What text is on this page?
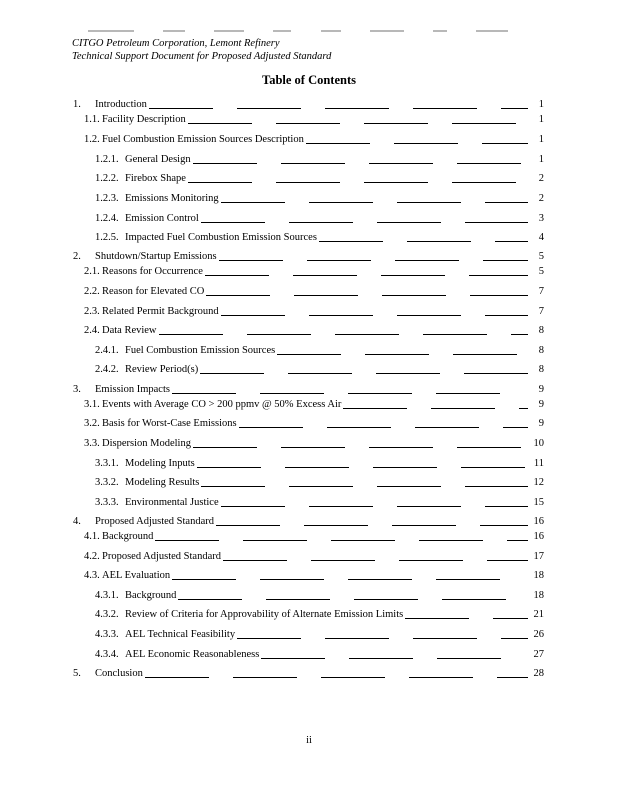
CITGO Petroleum Corporation, Lemont Refinery
Technical Support Document for Proposed Adjusted Standard
Table of Contents
1. Introduction	1
1.1. Facility Description	1
1.2. Fuel Combustion Emission Sources Description	1
1.2.1. General Design	1
1.2.2. Firebox Shape	2
1.2.3. Emissions Monitoring	2
1.2.4. Emission Control	3
1.2.5. Impacted Fuel Combustion Emission Sources	4
2. Shutdown/Startup Emissions	5
2.1. Reasons for Occurrence	5
2.2. Reason for Elevated CO	7
2.3. Related Permit Background	7
2.4. Data Review	8
2.4.1. Fuel Combustion Emission Sources	8
2.4.2. Review Period(s)	8
3. Emission Impacts	9
3.1. Events with Average CO > 200 ppmv @ 50% Excess Air	9
3.2. Basis for Worst-Case Emissions	9
3.3. Dispersion Modeling	10
3.3.1. Modeling Inputs	11
3.3.2. Modeling Results	12
3.3.3. Environmental Justice	15
4. Proposed Adjusted Standard	16
4.1. Background	16
4.2. Proposed Adjusted Standard	17
4.3. AEL Evaluation	18
4.3.1. Background	18
4.3.2. Review of Criteria for Approvability of Alternate Emission Limits	21
4.3.3. AEL Technical Feasibility	26
4.3.4. AEL Economic Reasonableness	27
5. Conclusion	28
ii
